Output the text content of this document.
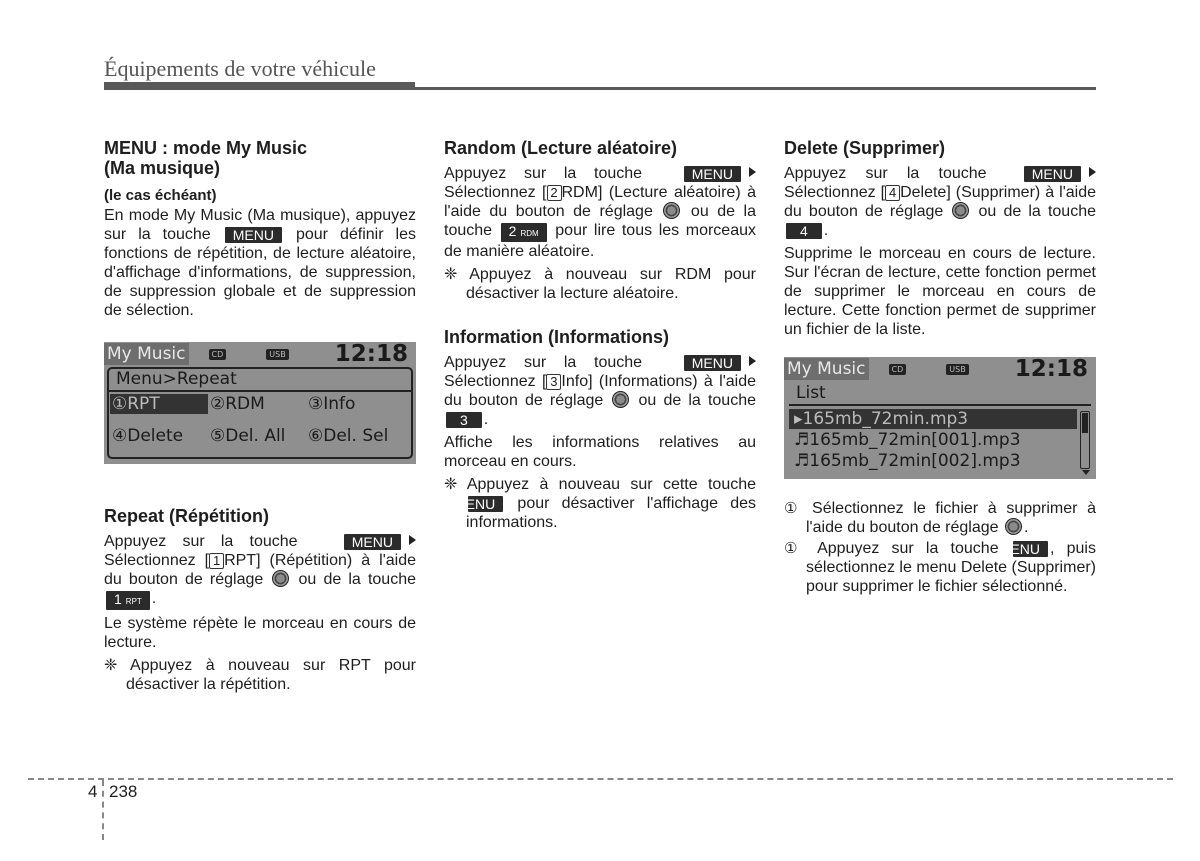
Équipements de votre véhicule
MENU : mode My Music
(Ma musique)
(le cas échéant)

En mode My Music (Ma musique), appuyez sur la touche MENU pour définir les fonctions de répétition, de lecture aléatoire, d'affichage d'informations, de suppression, de suppression globale et de suppression de sélection.

My Music	CD	USB 12:18
Menu>Repeat
①RPT	②RDM	③Info
④Delete ⑤Del. All ⑥Del. Sel
Repeat (Répétition)

Appuyez sur la touche	MENU Sélectionnez [ 1 RPT] (Répétition) à l'aide du bouton de réglage ou de la touche 1 RPT .

Le système répète le morceau en cours de lecture.

❈ Appuyez à nouveau sur RPT pour désactiver la répétition.

Random (Lecture aléatoire)

Appuyez sur la touche	MENU Sélectionnez [ 2 RDM] (Lecture aléatoire) à l'aide du bouton de réglage ou de la touche 2 RDM pour lire tous les morceaux de manière aléatoire.

❈ Appuyez à nouveau sur RDM pour désactiver la lecture aléatoire.

Information (Informations)

Appuyez sur la touche	MENU Sélectionnez [ 3 Info] (Informations) à l'aide du bouton de réglage ou de la touche 3 .

Affiche les informations relatives au morceau en cours.

❈ Appuyez à nouveau sur cette touche MENU pour désactiver l'affichage des informations.

Delete (Supprimer)

Appuyez sur la touche	MENU Sélectionnez [ 4 Delete] (Supprimer) à l'aide du bouton de réglage ou de la touche 4 .

Supprime le morceau en cours de lecture. Sur l'écran de lecture, cette fonction permet de supprimer le morceau en cours de lecture. Cette fonction permet de supprimer un fichier de la liste.

My Music	CD	USB 12:18
List
▸165mb_72min.mp3
♬165mb_72min[001].mp3
♬165mb_72min[002].mp3

① Sélectionnez le fichier à supprimer à l'aide du bouton de réglage .

① Appuyez sur la touche MENU , puis sélectionnez le menu Delete (Supprimer) pour supprimer le fichier sélectionné.

4 238
